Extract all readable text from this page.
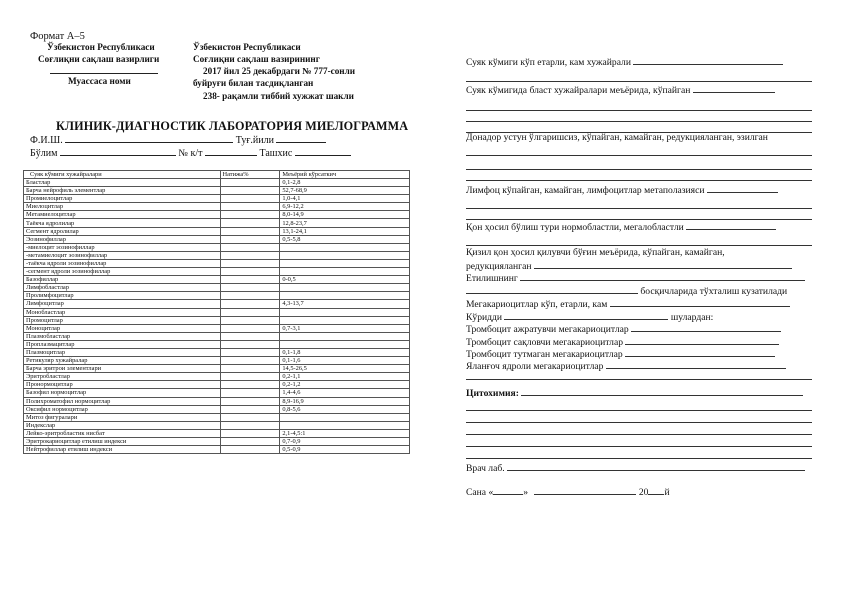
Формат А–5
Ўзбекистон Республикаси
Соғлиқни сақлаш вазирлиги
Муассаса номи
Ўзбекистон Республикаси
Соғлиқни сақлаш вазирининг
2017 йил 25 декабрдаги № 777-сонли
буйруғи билан тасдиқланган
238- рақамли тиббий хужжат шакли
КЛИНИК-ДИАГНОСТИК ЛАБОРАТОРИЯ МИЕЛОГРАММА
Ф.И.Ш.	Туғ.йили
Бўлим	№ к/т	Ташхис
Суяк кўмиги хужайралари	Натижа%	Меъёрий кўрсаткич
Бластлар		0,1-2,8
Барча нейрофиль элементлар		52,7-68,9
Промиелоцитлар		1,0-4,1
Миелоцитлар		6,9-12,2
Метамиелоцитлар		8,0-14,9
Таёкча ядролилар		12,8-23,7
Сегмент ядролилар		13,1-24,1
Эозинофиллар		0,5-5,8
-миелоцит эозинофиллар		
-метамиелоцит эозинофиллар		
-таёкча ядроли эозинофиллар		
-сегмент ядроли эозинофиллар		
Базофиллар		0-0,5
Лимфобластлар		
Пролимфоцитлар		
Лимфоцитлар		4,3-13,7
Монобластлар		
Промоцитлар		
Моноцитлар		0,7-3,1
Плазмобластлар		
Проплазмацитлар		
Плазмоцитлар		0,1-1,8
Ретикуляр хужайралар		0,1-1,6
Барча эритрои элементлари		14,5-26,5
Эритробластлар		0,2-1,1
Пронормоцитлар		0,2-1,2
Базофил нормоцитлар		1,4-4,6
Полихроматофил нормоцитлар		8,9-16,9
Оксифил нормоцитлар		0,8-5,6
Митоз фигуралари		
Индекслар		
Лейко-эритробластик нисбат		2,1-4,5:1
Эритрокариоцитлар етилиш индекси		0,7-0,9
Нейтрофиллар етилиш индекси		0,5-0,9
Суяк кўмиги кўп етарли, кам хужайрали
Суяк кўмигида бласт хужайралари меъёрида, кўпайган
Донадор устун ўлгаришсиз, кўпайган, камайган, редукцияланган, эзилган
Лимфоц кўпайган, камайган, лимфоцитлар метаполазияси
Қон ҳосил бўлиш тури нормобластли, мегалобластли
Қизил қон ҳосил қилувчи бўғин меъёрида, кўпайган, камайган,
редукцияланган
Етилишнинг
босқичларида тўхталиш кузатилади
Мегакариоцитлар кўп, етарли, кам
Кўридди	шулардан:
Тромбоцит ажратувчи мегакариоцитлар
Тромбоцит сақловчи мегакариоцитлар
Тромбоцит тутмаган мегакариоцитлар
Яланғоч ядроли мегакариоцитлар
Цитохимия:
Врач лаб.
Сана «	»	20 й
